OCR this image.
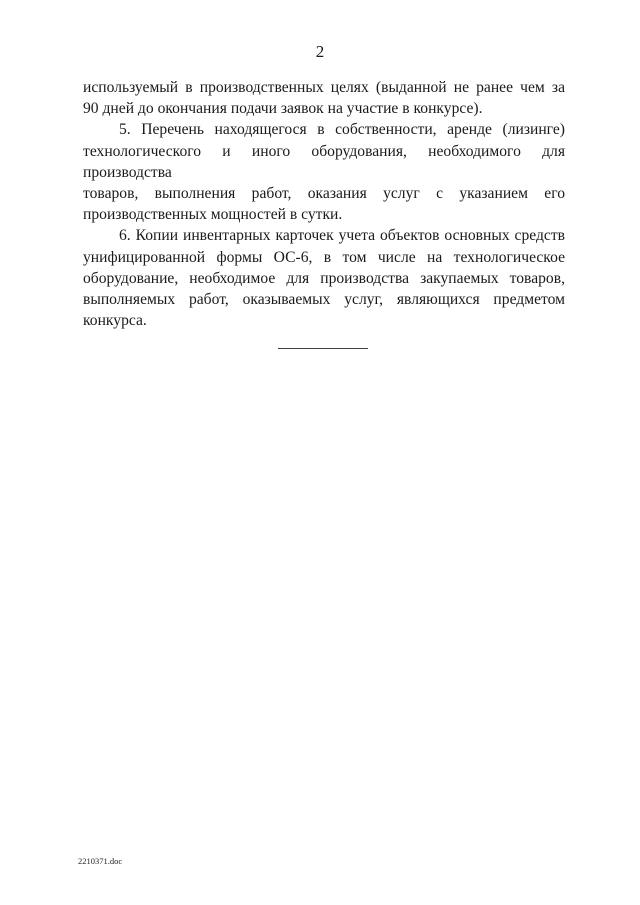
2

используемый в производственных целях (выданной не ранее чем за
90 дней до окончания подачи заявок на участие в конкурсе).

5. Перечень находящегося в собственности, аренде (лизинге)
технологического и иного оборудования, необходимого для производства
товаров, выполнения работ, оказания услуг с указанием его
производственных мощностей в сутки.

6. Копии инвентарных карточек учета объектов основных средств
унифицированной формы ОС-6, в том числе на технологическое
оборудование, необходимое для производства закупаемых товаров,
выполняемых работ, оказываемых услуг, являющихся предметом
конкурса.

2210371.doc
